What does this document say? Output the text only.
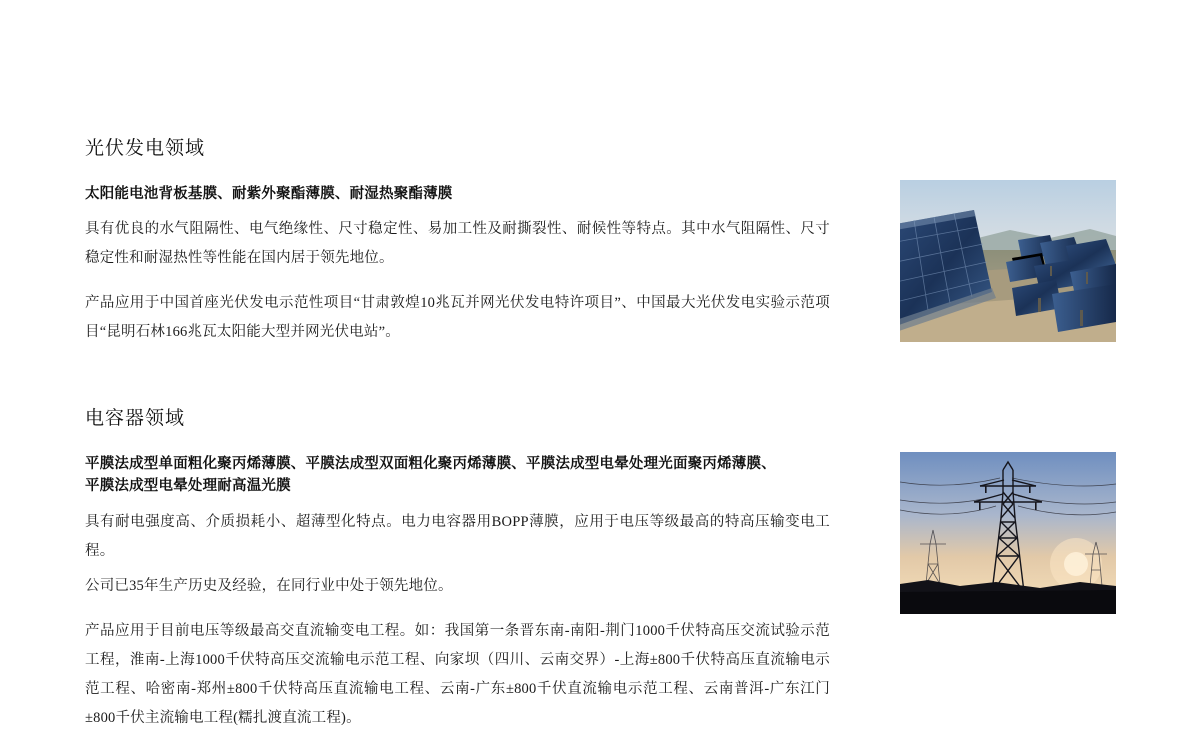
光伏发电领域

太阳能电池背板基膜、耐紫外聚酯薄膜、耐湿热聚酯薄膜

具有优良的水气阻隔性、电气绝缘性、尺寸稳定性、易加工性及耐撕裂性、耐候性等特点。其中水气阻隔性、尺寸稳定性和耐湿热性等性能在国内居于领先地位。

产品应用于中国首座光伏发电示范性项目“甘肃敦煌10兆瓦并网光伏发电特许项目”、中国最大光伏发电实验示范项目“昆明石林166兆瓦太阳能大型并网光伏电站”。

电容器领域

平膜法成型单面粗化聚丙烯薄膜、平膜法成型双面粗化聚丙烯薄膜、平膜法成型电晕处理光面聚丙烯薄膜、

平膜法成型电晕处理耐高温光膜

具有耐电强度高、介质损耗小、超薄型化特点。电力电容器用BOPP薄膜，应用于电压等级最高的特高压输变电工程。

公司已35年生产历史及经验，在同行业中处于领先地位。

产品应用于目前电压等级最高交直流输变电工程。如：我国第一条晋东南-南阳-荆门1000千伏特高压交流试验示范工程，淮南-上海1000千伏特高压交流输电示范工程、向家坝（四川、云南交界）-上海±800千伏特高压直流输电示范工程、哈密南-郑州±800千伏特高压直流输电工程、云南-广东±800千伏直流输电示范工程、云南普洱-广东江门±800千伏主流输电工程(糯扎渡直流工程)。
